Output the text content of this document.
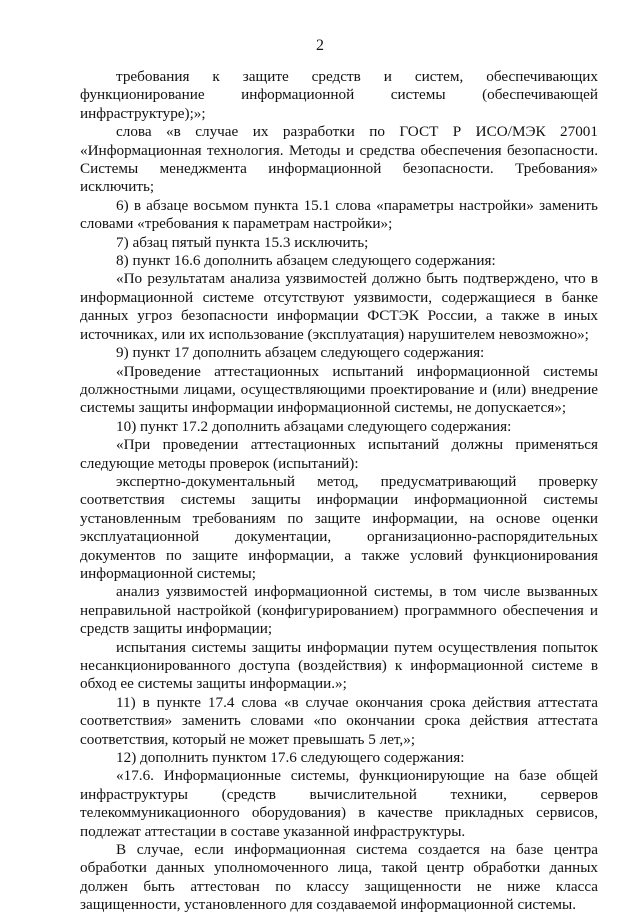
2

требования к защите средств и систем, обеспечивающих функционирование информационной системы (обеспечивающей инфраструктуре);»;

слова «в случае их разработки по ГОСТ Р ИСО/МЭК 27001 «Информационная технология. Методы и средства обеспечения безопасности. Системы менеджмента информационной безопасности. Требования» исключить;

6) в абзаце восьмом пункта 15.1 слова «параметры настройки» заменить словами «требования к параметрам настройки»;

7) абзац пятый пункта 15.3 исключить;

8) пункт 16.6 дополнить абзацем следующего содержания:

«По результатам анализа уязвимостей должно быть подтверждено, что в информационной системе отсутствуют уязвимости, содержащиеся в банке данных угроз безопасности информации ФСТЭК России, а также в иных источниках, или их использование (эксплуатация) нарушителем невозможно»;

9) пункт 17 дополнить абзацем следующего содержания:

«Проведение аттестационных испытаний информационной системы должностными лицами, осуществляющими проектирование и (или) внедрение системы защиты информации информационной системы, не допускается»;

10) пункт 17.2 дополнить абзацами следующего содержания:

«При проведении аттестационных испытаний должны применяться следующие методы проверок (испытаний):

экспертно-документальный метод, предусматривающий проверку соответствия системы защиты информации информационной системы установленным требованиям по защите информации, на основе оценки эксплуатационной документации, организационно-распорядительных документов по защите информации, а также условий функционирования информационной системы;

анализ уязвимостей информационной системы, в том числе вызванных неправильной настройкой (конфигурированием) программного обеспечения и средств защиты информации;

испытания системы защиты информации путем осуществления попыток несанкционированного доступа (воздействия) к информационной системе в обход ее системы защиты информации.»;

11) в пункте 17.4 слова «в случае окончания срока действия аттестата соответствия» заменить словами «по окончании срока действия аттестата соответствия, который не может превышать 5 лет,»;

12) дополнить пунктом 17.6 следующего содержания:

«17.6. Информационные системы, функционирующие на базе общей инфраструктуры (средств вычислительной техники, серверов телекоммуникационного оборудования) в качестве прикладных сервисов, подлежат аттестации в составе указанной инфраструктуры.

В случае, если информационная система создается на базе центра обработки данных уполномоченного лица, такой центр обработки данных должен быть аттестован по классу защищенности не ниже класса защищенности, установленного для создаваемой информационной системы.
